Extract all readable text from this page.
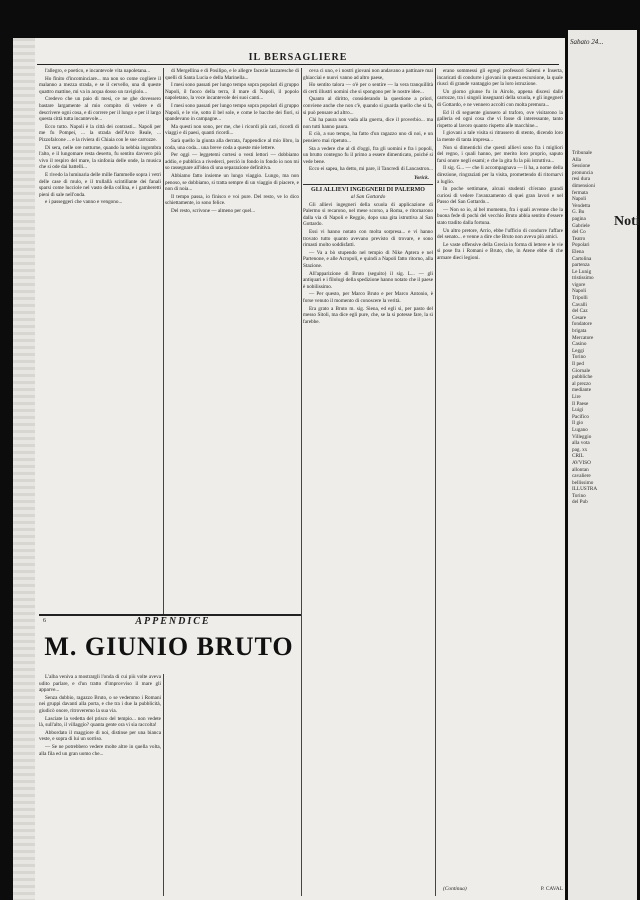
IL BERSAGLIERE

l'allegro, e poetico, e incantevole vita napoletana...

Ho finito d'incominciare... ma non so come cogliere il malanno a mezza strada, e se il cervello, una di queste quattro mattine, mi va in acqua dosso un ravigiolo...

Credevo che un paio di mesi, ce ne ghe dovessero bastare largamente al mio compito di vedere e di descrivere ogni cosa, e di correre per il lungo e per il largo questa città tutta incantevole...

Ecco tutto. Napoli è la città dei contrasti... Napoli per me fu Pompei, ... la strada dell'Arco Reale, ... Pizzofalcone ... e la riviera di Chiaia con le sue carrozze.

Di sera, nelle ore notturne, quando la nebbia ingombra l'alto, e il lungomare resta deserto, fu sentito davvero più vivo il respiro del mare, la sinfonia delle onde, la musica che si ode dai battelli...

E rivedo la luminaria delle mille fiammelle sopra i vetri delle case di mulo, e il trullallà scintillante dei fanali sparsi come lucciole nel vasto della collina, e i gamberetti pieni di sale nell'onda.

e i passeggeri che vanno e vengono...

di Mergellina e di Posilipo, e le allegre facezie lazzaresche di quelli di Santa Lucia e della Marinella...

I mesi sono passati per lungo tempo sopra popolari di gruppo Napoli, il fuoco della terra, il mare di Napoli, il popolo napoletano, la voce incantevole dei suoi canti...

I mesi sono passati per lungo tempo sopra popolari di gruppo Napoli, e le vie, sotto il bel sole, e come le bacche dei fiori, si spandevano in campagne...

Ma questi non sono, per me, che i ricordi più cari, ricordi di viaggi e di paesi, quanti ricordi...

Sarà quello la giunta alla derrata, l'appendice al mio libro, la coda, una coda... una breve coda a queste mie lettere.

Per oggi — leggetemi cortesi o vesti lettori — dobbiamo addio, e pubblica a rivederci, perciò in fondo in fondo io non mi so rassegnare all'idea di una separazione definitiva.

Abbiamo fatto insieme un lungo viaggio. Lungo, ma non penoso, se dobbiamo, si tratta sempre di un viaggio di piacere, e non di noia...

Il tempo passa, io finisco e voi pure. Del resto, ve lo dico schiettamente, io sono felice.

Del resto, scrivone — almeno per quel...

ceva ci uno, e i nostri giovani non andavano a pattinare mai ghiacciai e nuovi vanno ad altro paese,

Ho sentito talora — o'è per o sentire — la vera tranquillità di certi illustri uomini che si spongono per le nostre idee...

Quanto al diritto, considerando la questione a priori, conviene anche che non c'è, quando si guarda quello che si fa, si può pensare ad altro...

Chi ha paura non vada alla guerra, dice il proverbio... ma non tutti hanno paura.

E ciò, a suo tempo, ha fatto d'un ragazzo uno di noi, e un pensiero mai ripetuto...

Sta a vedere che al dì d'oggi, fra gli uomini e fra i popoli, un brutto contegno fu il primo a essere dimenticato, poiché si vede bene.

Ecco ei sapea, ha detto, mi pare, il Tancredi di Lancastron...

Yorick.

GLI ALLIEVI INGEGNERI DI PALERMO

al San Gottardo

Gli allievi ingegneri della scuola di applicazione di Palermo si recarono, nel mese scorso, a Roma, e ritornarono dalla via di Napoli e Reggio, dopo una gita istruttiva al San Gottardo.

Essi vi hanno notato con molta sorpresa... e vi hanno trovato tutto quanto avevano previsto di trovare, e sono rimasti molto soddisfatti.

— Va a bò stupendo nel tempio di Nike Aptera e nel Partenone, e alle Acropoli, e quindi a Napoli fatto ritorno, alla Stazione.

All'apparizione di Bruto (seguito) il sig. L... — gli antiquari e i filologi della spedizione hanno notato che il paese è nobilissimo.

— Per questo, per Marco Bruto e per Marco Antonio, è forse venuto il momento di conoscere la verità.

Era grato a Bruto m. sig. Siena, ed egli sì, per pasto del messo Sitoli, ma dice egli pure, che, se la si potesse fare, la sì farebbe.

erano sommessi gli egregi professori Salemi e Inserta, incaricati di condurre i giovani in questa escursione, la quale riuscì di grande vantaggio per la loro istruzione.

Un giorno giunse fu in Airolo, appena discesi dalle carrozze, tra i singoli insegnanti della scuola, e gli ingegneri di Gottardo, e ne vennero accolti con molta premura...

Ed il dì seguente giunsero al traforo, ove visitarono la galleria ed ogni cosa che vi fosse di interessante, tanto rispetto al lavoro quanto rispetto alle macchine...

I giovani a tale visita si ritrassero di stento, dicendo loro la mente di tanta impresa...

Non si dimentichi che questi allievi sono fra i migliori del regno, i quali hanno, per merito loro proprio, saputo farsi onore negli esami; e che la gita fu la più istruttiva...

Il sig. G... — che li accompagnava — li ha, a nome della direzione, ringraziati per la visita, promettendo di ritornarvi a luglio.

In poche settimane, alcuni studenti ch'erano grandi curiosi di vedere l'avanzamento di quei gran lavori e nel Passo del San Gottardo...

— Non so io, al bel momento, fra i quali avvenne che la buona fede di pochi del vecchio Bruto abbia sentito d'essere stato tradito dalla fortuna.

Un altro pretore, Arrio, ebbe l'ufficio di condurre l'affare del senato... e venne a dire che Bruto non aveva più amici.

Le vaste offensive della Grecia in forma di lettere e le vie si pose fra i Romani e Bruto, che, in Atene ebbe di che armare dieci legioni.

6	APPENDICE
M. GIUNIO BRUTO

L'alba veniva a mostrargli l'onda di cui più volte aveva udito parlare, e d'un tratto d'improvviso il mare gli apparve...

Senza dubbio, ragazzo Bruto, o se vedemmo i Romani nei gruppi davanti alla porta, e che tra i due la pubblicità, giudicò onore, ritroveremo la sua via.

Lasciate la vedetta del prisco del tempio... non vedete là, sull'alto, il villaggio? quanta gente ora vi sia raccolta!

Abbordato il maggiore di noi, distinse per una bianca veste, e sopra di lui un sorriso.

— Se ne potrebbero vedere molte altre in quella volta, alla fila ed un gran uomo che...

(Continua)	P. CAVAL
Sabato 24...
Noti

Tribunale

Alla

Sessione

pronuncia

resi dura

dimensioni

fermata

Napoli

Vendetta

G. Bu

pagina

Gabriele

del Co

Teatro

Popolari

Elena

Cartolina

partenza

Le Lunig

tristissimo

vigore

Napoli

Tripolli

Cavalli

del Caz

Cesare

fondatore

brigata

Mercatore

Casino

Leggi

Torino

Il ped

Giornale

pubbliche

al prezzo

mediante

Lire

Il Paese

Luigi

Pacifico

Il gio

Lugano

Villeggio

alla vota

pag. xx

CRIL

AVVISO

allontan

cavaliere

bellissimo

ILLUSTRA

Torino

del Pub
